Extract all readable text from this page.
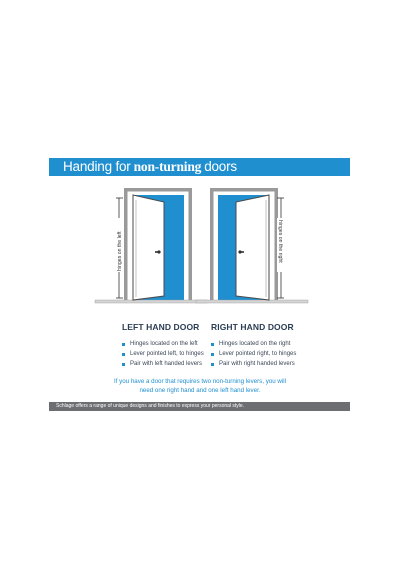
Handing for non-turning doors
hinges on the left	hinges on the right
LEFT HAND DOOR
Hinges located on the left
Lever pointed left, to hinges
Pair with left handed levers
RIGHT HAND DOOR
Hinges located on the right
Lever pointed right, to hinges
Pair with right handed levers
If you have a door that requires two non-turning levers, you will
need one right hand and one left hand lever.
Schlage offers a range of unique designs and finishes to express your personal style.
